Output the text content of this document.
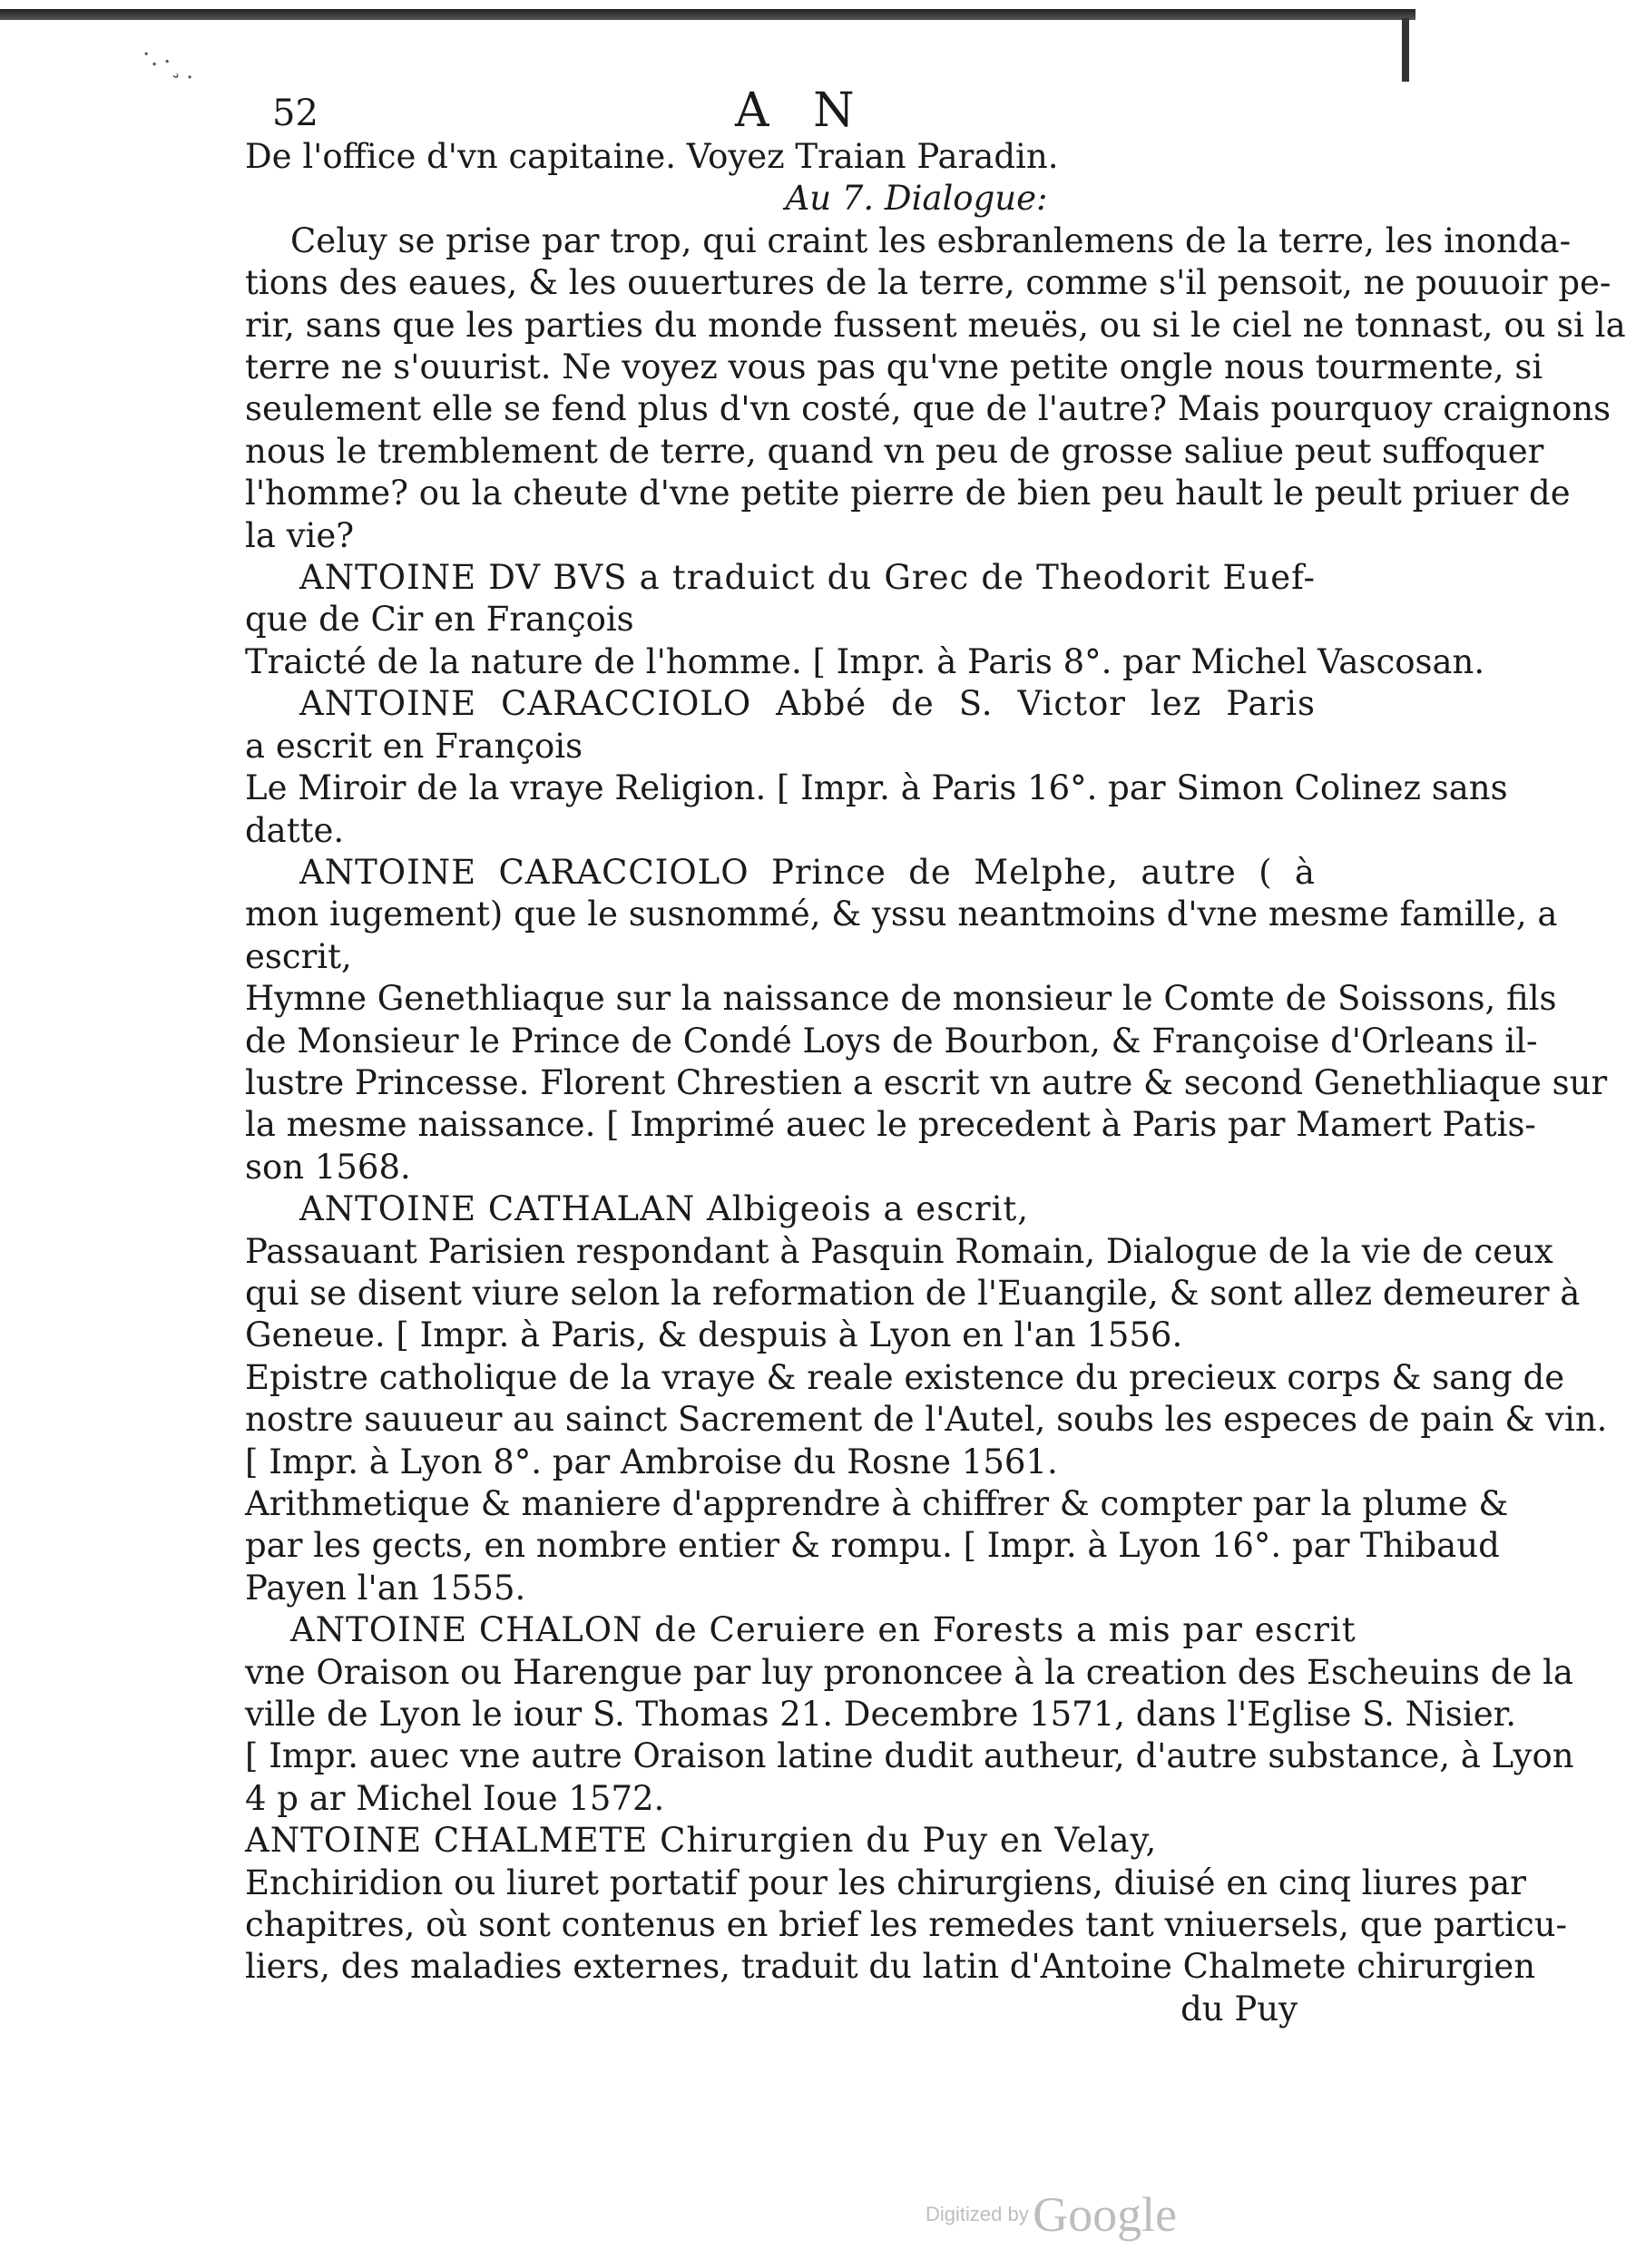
·.·¸.
52	A N
De l'office d'vn capitaine. Voyez Traian Paradin.
Au 7. Dialogue:
Celuy se prise par trop, qui craint les esbranlemens de la terre, les inonda-
tions des eaues, & les ouuertures de la terre, comme s'il pensoit, ne pouuoir pe-
rir, sans que les parties du monde fussent meuës, ou si le ciel ne tonnast, ou si la
terre ne s'ouurist. Ne voyez vous pas qu'vne petite ongle nous tourmente, si
seulement elle se fend plus d'vn costé, que de l'autre? Mais pourquoy craignons
nous le tremblement de terre, quand vn peu de grosse saliue peut suffoquer
l'homme? ou la cheute d'vne petite pierre de bien peu hault le peult priuer de
la vie?
ANTOINE DV BVS a traduict du Grec de Theodorit Euef-
que de Cir en François
Traicté de la nature de l'homme. [ Impr. à Paris 8°. par Michel Vascosan.
ANTOINE CARACCIOLO Abbé de S. Victor lez Paris
a escrit en François
Le Miroir de la vraye Religion. [ Impr. à Paris 16°. par Simon Colinez sans
datte.
ANTOINE CARACCIOLO Prince de Melphe, autre ( à
mon iugement) que le susnommé, & yssu neantmoins d'vne mesme famille, a
escrit,
Hymne Genethliaque sur la naissance de monsieur le Comte de Soissons, fils
de Monsieur le Prince de Condé Loys de Bourbon, & Françoise d'Orleans il-
lustre Princesse. Florent Chrestien a escrit vn autre & second Genethliaque sur
la mesme naissance. [ Imprimé auec le precedent à Paris par Mamert Patis-
son 1568.
ANTOINE CATHALAN Albigeois a escrit,
Passauant Parisien respondant à Pasquin Romain, Dialogue de la vie de ceux
qui se disent viure selon la reformation de l'Euangile, & sont allez demeurer à
Geneue. [ Impr. à Paris, & despuis à Lyon en l'an 1556.
Epistre catholique de la vraye & reale existence du precieux corps & sang de
nostre sauueur au sainct Sacrement de l'Autel, soubs les especes de pain & vin.
[ Impr. à Lyon 8°. par Ambroise du Rosne 1561.
Arithmetique & maniere d'apprendre à chiffrer & compter par la plume &
par les gects, en nombre entier & rompu. [ Impr. à Lyon 16°. par Thibaud
Payen l'an 1555.
ANTOINE CHALON de Ceruiere en Forests a mis par escrit
vne Oraison ou Harengue par luy prononcee à la creation des Escheuins de la
ville de Lyon le iour S. Thomas 21. Decembre 1571, dans l'Eglise S. Nisier.
[ Impr. auec vne autre Oraison latine dudit autheur, d'autre substance, à Lyon
4 p ar Michel Ioue 1572.
ANTOINE CHALMETE Chirurgien du Puy en Velay,
Enchiridion ou liuret portatif pour les chirurgiens, diuisé en cinq liures par
chapitres, où sont contenus en brief les remedes tant vniuersels, que particu-
liers, des maladies externes, traduit du latin d'Antoine Chalmete chirurgien
du Puy
Digitized by Google
